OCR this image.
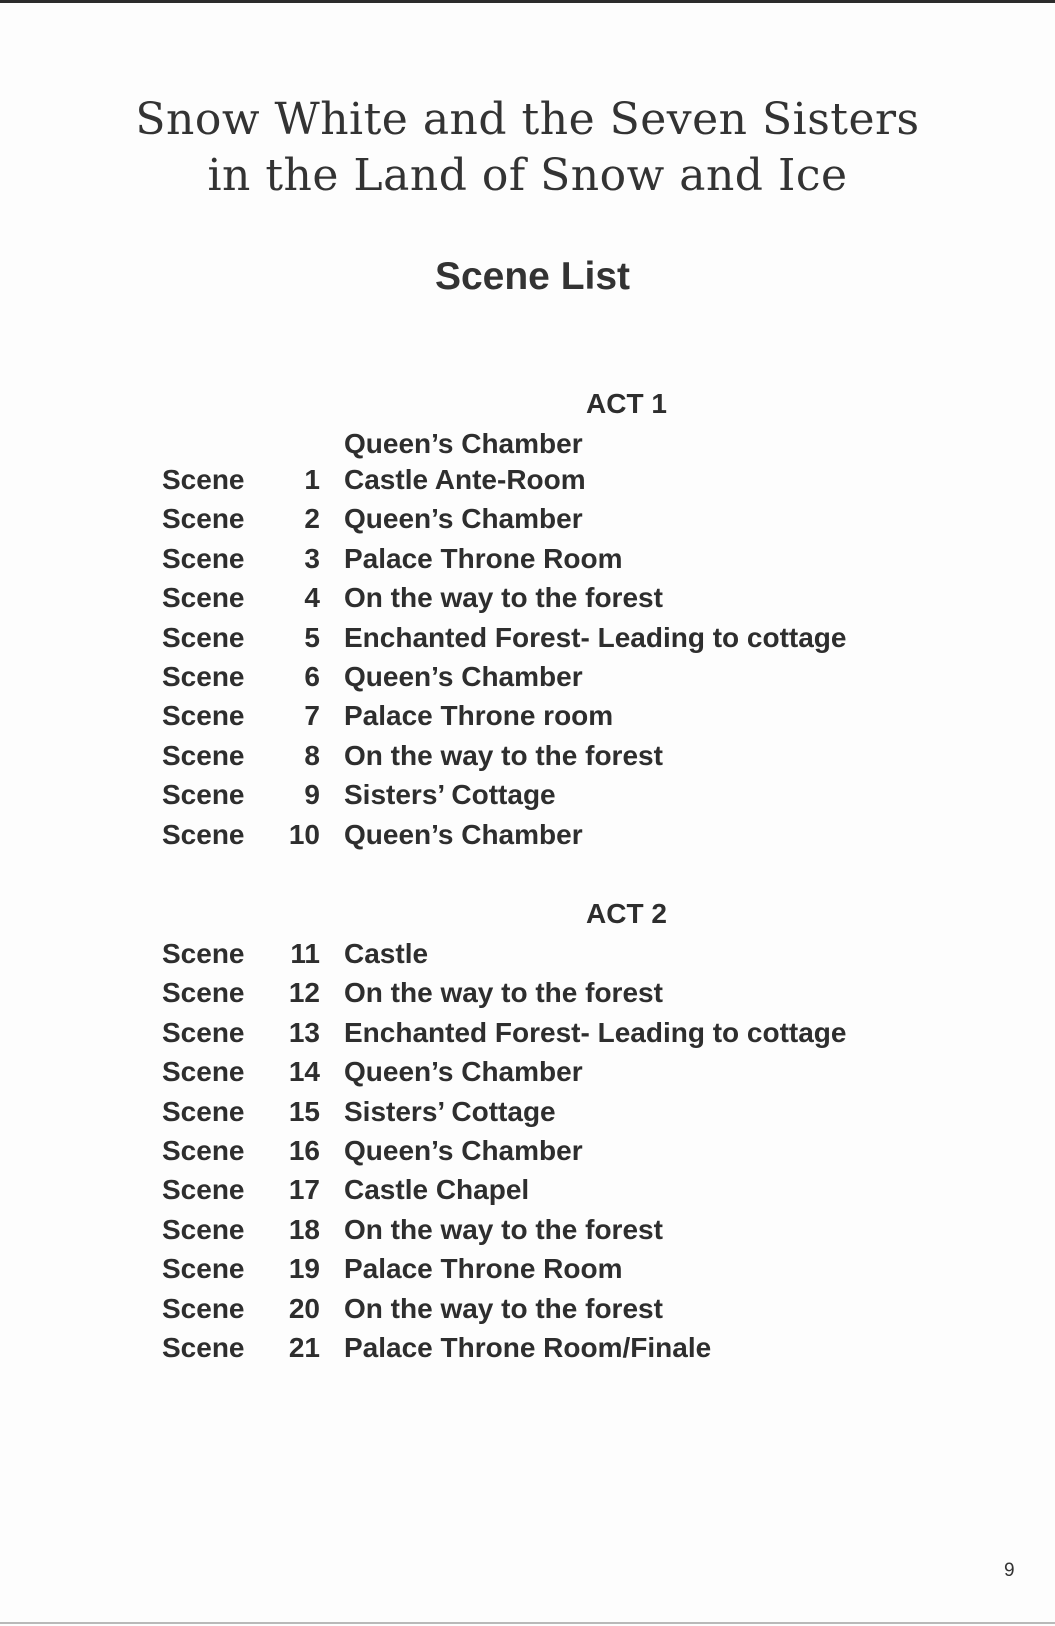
Snow White and the Seven Sisters
in the Land of Snow and Ice
Scene List
ACT 1
Queen’s Chamber
Scene	1 Castle Ante-Room
Scene	2 Queen’s Chamber
Scene	3 Palace Throne Room
Scene	4 On the way to the forest
Scene	5 Enchanted Forest- Leading to cottage
Scene	6 Queen’s Chamber
Scene	7 Palace Throne room
Scene	8 On the way to the forest
Scene	9 Sisters’ Cottage
Scene	10 Queen’s Chamber
ACT 2
Scene	11 Castle
Scene	12 On the way to the forest
Scene	13 Enchanted Forest- Leading to cottage
Scene	14 Queen’s Chamber
Scene	15 Sisters’ Cottage
Scene	16 Queen’s Chamber
Scene	17 Castle Chapel
Scene	18 On the way to the forest
Scene	19 Palace Throne Room
Scene	20 On the way to the forest
Scene	21 Palace Throne Room/Finale
9
